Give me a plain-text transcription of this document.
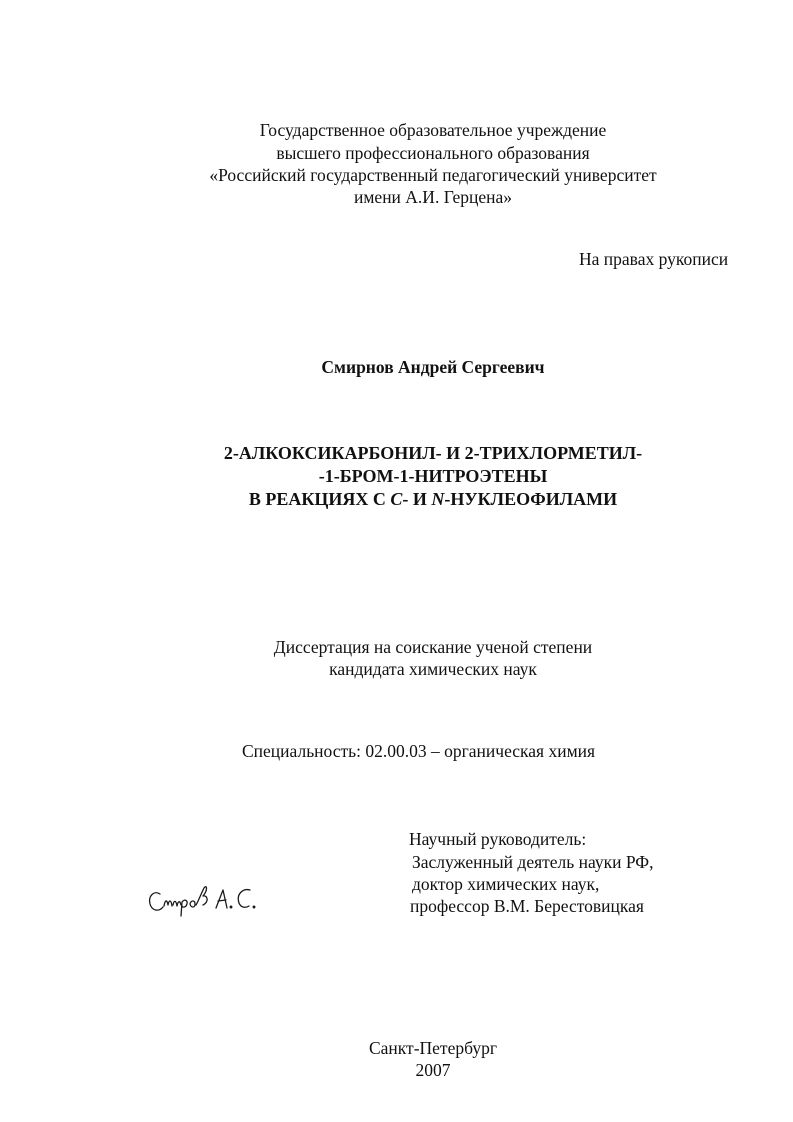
Государственное образовательное учреждение
высшего профессионального образования
«Российский государственный педагогический университет
имени А.И. Герцена»
На правах рукописи
Смирнов Андрей Сергеевич
2-АЛКОКСИКАРБОНИЛ- И 2-ТРИХЛОРМЕТИЛ-
-1-БРОМ-1-НИТРОЭТЕНЫ
В РЕАКЦИЯХ С C- И N-НУКЛЕОФИЛАМИ
Диссертация на соискание ученой степени
кандидата химических наук
Специальность: 02.00.03 – органическая химия
Научный руководитель:
Заслуженный деятель науки РФ,
доктор химических наук,
профессор В.М. Берестовицкая
Санкт-Петербург
2007
